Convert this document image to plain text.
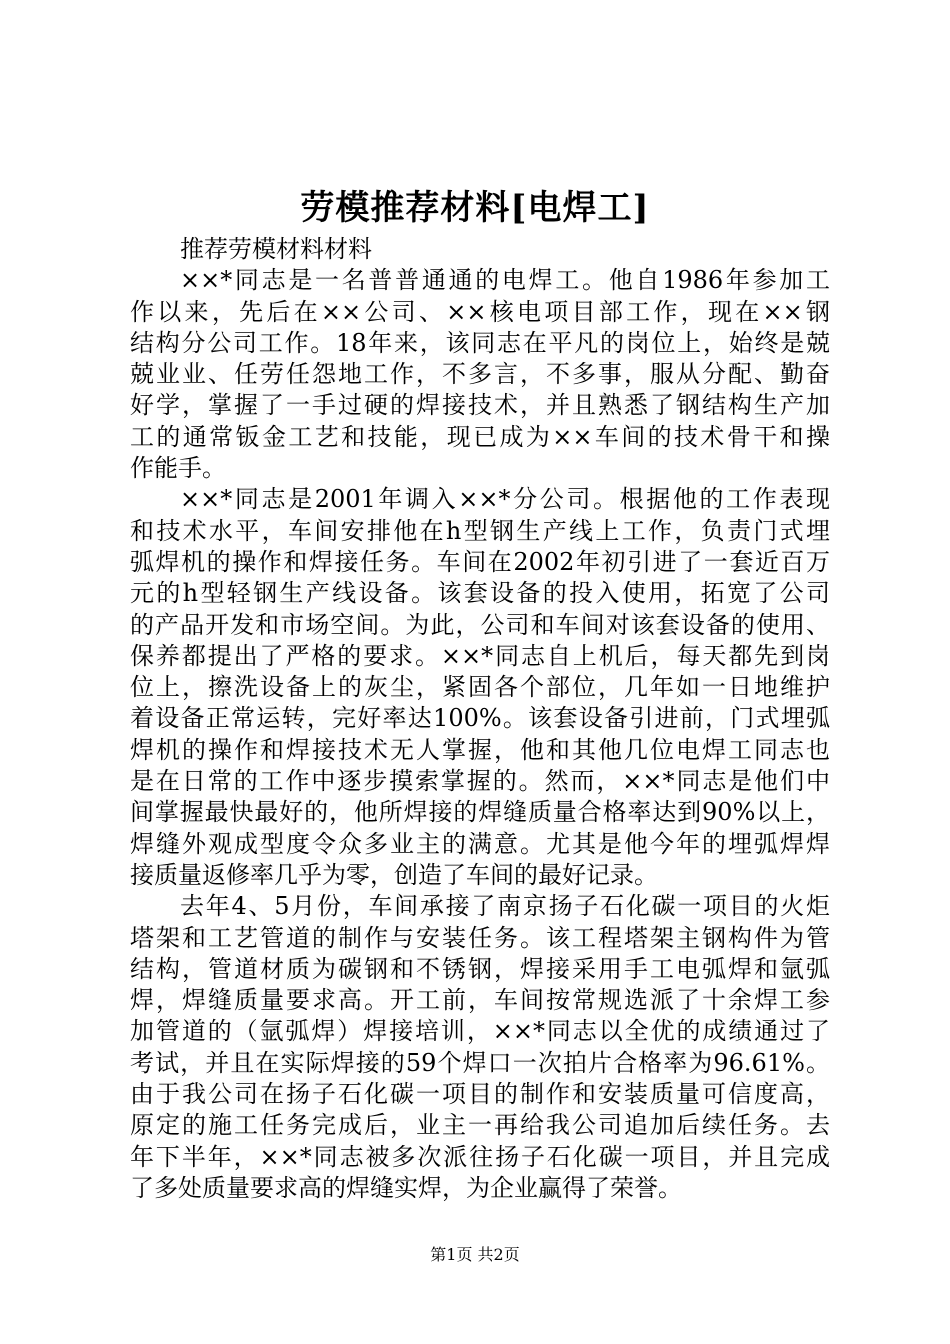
劳模推荐材料[电焊工]
推荐劳模材料材料
××*同志是一名普普通通的电焊工。他自1986年参加工
作以来，先后在××公司、××核电项目部工作，现在××钢
结构分公司工作。18年来，该同志在平凡的岗位上，始终是兢
兢业业、任劳任怨地工作，不多言，不多事，服从分配、勤奋
好学，掌握了一手过硬的焊接技术，并且熟悉了钢结构生产加
工的通常钣金工艺和技能，现已成为××车间的技术骨干和操
作能手。
××*同志是2001年调入××*分公司。根据他的工作表现
和技术水平，车间安排他在h型钢生产线上工作，负责门式埋
弧焊机的操作和焊接任务。车间在2002年初引进了一套近百万
元的h型轻钢生产线设备。该套设备的投入使用，拓宽了公司
的产品开发和市场空间。为此，公司和车间对该套设备的使用、
保养都提出了严格的要求。××*同志自上机后，每天都先到岗
位上，擦洗设备上的灰尘，紧固各个部位，几年如一日地维护
着设备正常运转，完好率达100%。该套设备引进前，门式埋弧
焊机的操作和焊接技术无人掌握，他和其他几位电焊工同志也
是在日常的工作中逐步摸索掌握的。然而，××*同志是他们中
间掌握最快最好的，他所焊接的焊缝质量合格率达到90%以上，
焊缝外观成型度令众多业主的满意。尤其是他今年的埋弧焊焊
接质量返修率几乎为零，创造了车间的最好记录。
去年4、5月份，车间承接了南京扬子石化碳一项目的火炬
塔架和工艺管道的制作与安装任务。该工程塔架主钢构件为管
结构，管道材质为碳钢和不锈钢，焊接采用手工电弧焊和氩弧
焊，焊缝质量要求高。开工前，车间按常规选派了十余焊工参
加管道的（氩弧焊）焊接培训，××*同志以全优的成绩通过了
考试，并且在实际焊接的59个焊口一次拍片合格率为96.61%。
由于我公司在扬子石化碳一项目的制作和安装质量可信度高，
原定的施工任务完成后，业主一再给我公司追加后续任务。去
年下半年，××*同志被多次派往扬子石化碳一项目，并且完成
了多处质量要求高的焊缝实焊，为企业赢得了荣誉。
第1页 共2页
